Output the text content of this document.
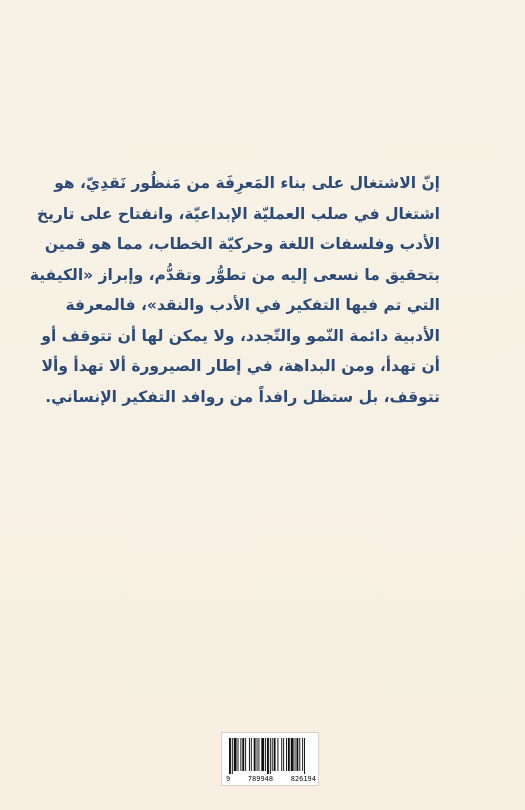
إنّ الاشتغال على بناء المَعرِفَة من مَنظُور نَقدِيّ، هو
اشتغال في صلب العمليّة الإبداعيّة، وانفتاح على تاريخ
الأدب وفلسفات اللغة وحركيّة الخطاب، مما هو قمين
بتحقيق ما نسعى إليه من تطوُّر وتقدُّم، وإبراز «الكيفية
التي تم فيها التفكير في الأدب والنقد»، فالمعرفة
الأدبية دائمة النّمو والتّجدد، ولا يمكن لها أن تتوقف أو
أن تهدأ، ومن البداهة، في إطار الصيرورة ألا تهدأ وألا
تتوقف، بل ستظل رافداً من روافد التفكير الإنساني.
9	789948	826194
